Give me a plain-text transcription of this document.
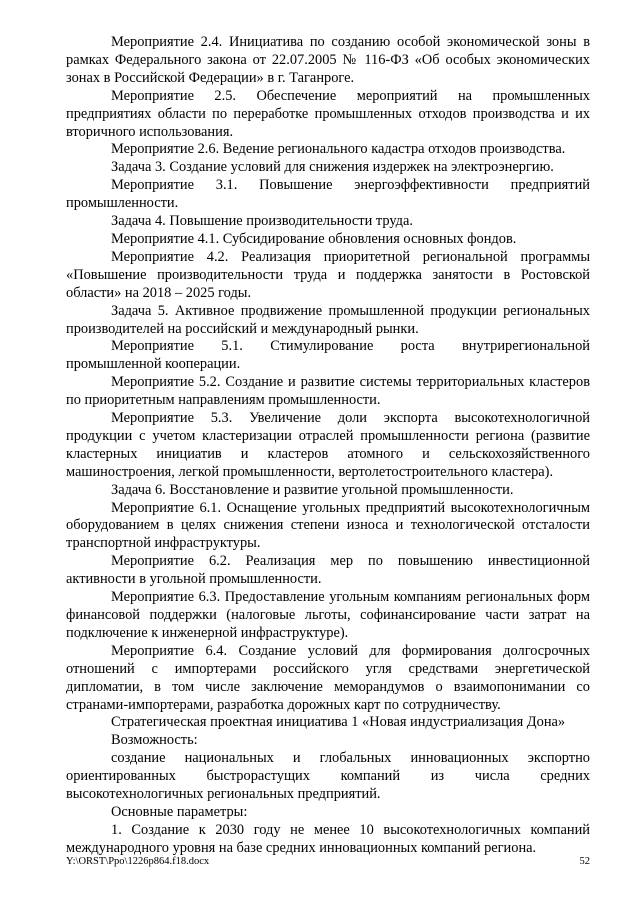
Мероприятие 2.4. Инициатива по созданию особой экономической зоны в рамках Федерального закона от 22.07.2005 № 116-ФЗ «Об особых экономических зонах в Российской Федерации» в г. Таганроге.

Мероприятие 2.5. Обеспечение мероприятий на промышленных предприятиях области по переработке промышленных отходов производства и их вторичного использования.

Мероприятие 2.6. Ведение регионального кадастра отходов производства.

Задача 3. Создание условий для снижения издержек на электроэнергию.

Мероприятие 3.1. Повышение энергоэффективности предприятий промышленности.

Задача 4. Повышение производительности труда.

Мероприятие 4.1. Субсидирование обновления основных фондов.

Мероприятие 4.2. Реализация приоритетной региональной программы «Повышение производительности труда и поддержка занятости в Ростовской области» на 2018 – 2025 годы.

Задача 5. Активное продвижение промышленной продукции региональных производителей на российский и международный рынки.

Мероприятие 5.1. Стимулирование роста внутрирегиональной промышленной кооперации.

Мероприятие 5.2. Создание и развитие системы территориальных кластеров по приоритетным направлениям промышленности.

Мероприятие 5.3. Увеличение доли экспорта высокотехнологичной продукции с учетом кластеризации отраслей промышленности региона (развитие кластерных инициатив и кластеров атомного и сельскохозяйственного машиностроения, легкой промышленности, вертолетостроительного кластера).

Задача 6. Восстановление и развитие угольной промышленности.

Мероприятие 6.1. Оснащение угольных предприятий высокотехнологичным оборудованием в целях снижения степени износа и технологической отсталости транспортной инфраструктуры.

Мероприятие 6.2. Реализация мер по повышению инвестиционной активности в угольной промышленности.

Мероприятие 6.3. Предоставление угольным компаниям региональных форм финансовой поддержки (налоговые льготы, софинансирование части затрат на подключение к инженерной инфраструктуре).

Мероприятие 6.4. Создание условий для формирования долгосрочных отношений с импортерами российского угля средствами энергетической дипломатии, в том числе заключение меморандумов о взаимопонимании со странами-импортерами, разработка дорожных карт по сотрудничеству.

Стратегическая проектная инициатива 1 «Новая индустриализация Дона»

Возможность:

создание национальных и глобальных инновационных экспортно ориентированных быстрорастущих компаний из числа средних высокотехнологичных региональных предприятий.

Основные параметры:

1. Создание к 2030 году не менее 10 высокотехнологичных компаний международного уровня на базе средних инновационных компаний региона.

Y:\ORST\Ppo\1226p864.f18.docx	52
